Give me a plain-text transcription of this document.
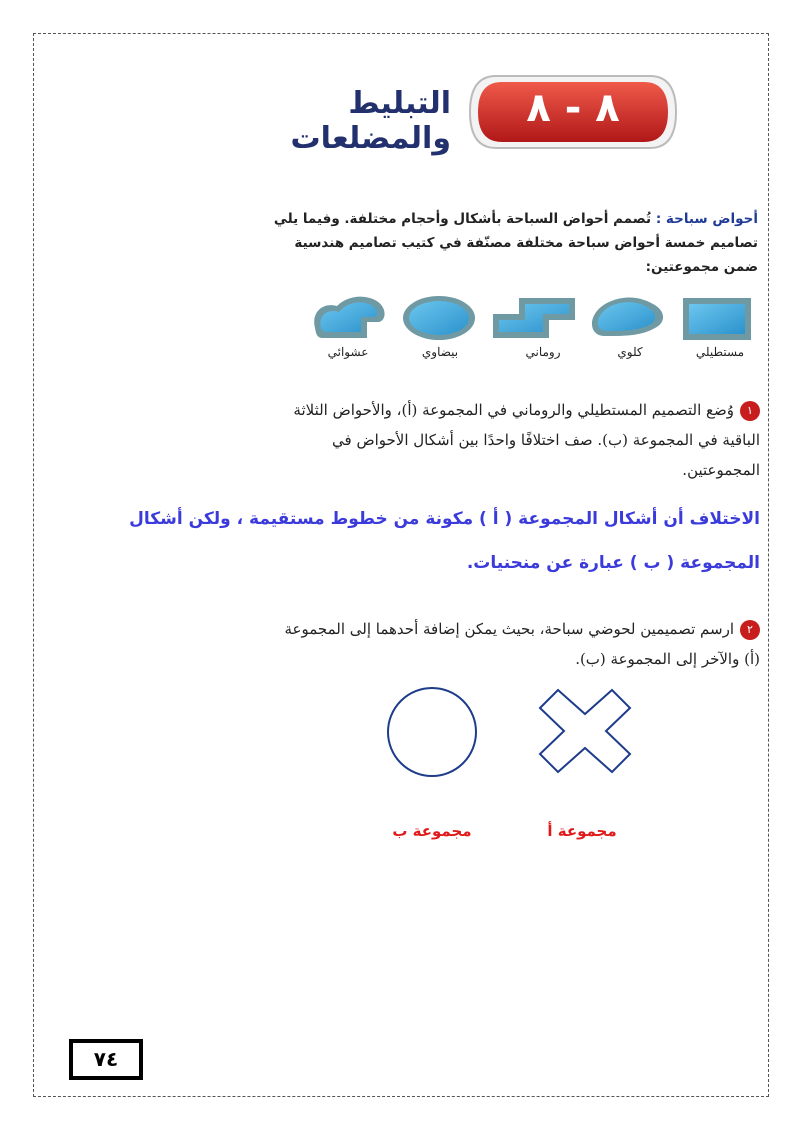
٨ - ٨
التبليط والمضلعات
أحواض سباحة : تُصمم أحواض السباحة بأشكال وأحجام مختلفة. وفيما يلي تصاميم خمسة أحواض سباحة مختلفة مصنّفة في كتيب تصاميم هندسية ضمن مجموعتين:
مستطيلي
كلوي
روماني
بيضاوي
عشوائي
١وُضع التصميم المستطيلي والروماني في المجموعة (أ)، والأحواض الثلاثة الباقية في المجموعة (ب). صف اختلافًا واحدًا بين أشكال الأحواض في المجموعتين.
الاختلاف أن أشكال المجموعة ( أ ) مكونة من خطوط مستقيمة ، ولكن أشكال المجموعة ( ب ) عبارة عن منحنيات.
٢ارسم تصميمين لحوضي سباحة، بحيث يمكن إضافة أحدهما إلى المجموعة (أ) والآخر إلى المجموعة (ب).
مجموعة ب	مجموعة أ
٧٤
